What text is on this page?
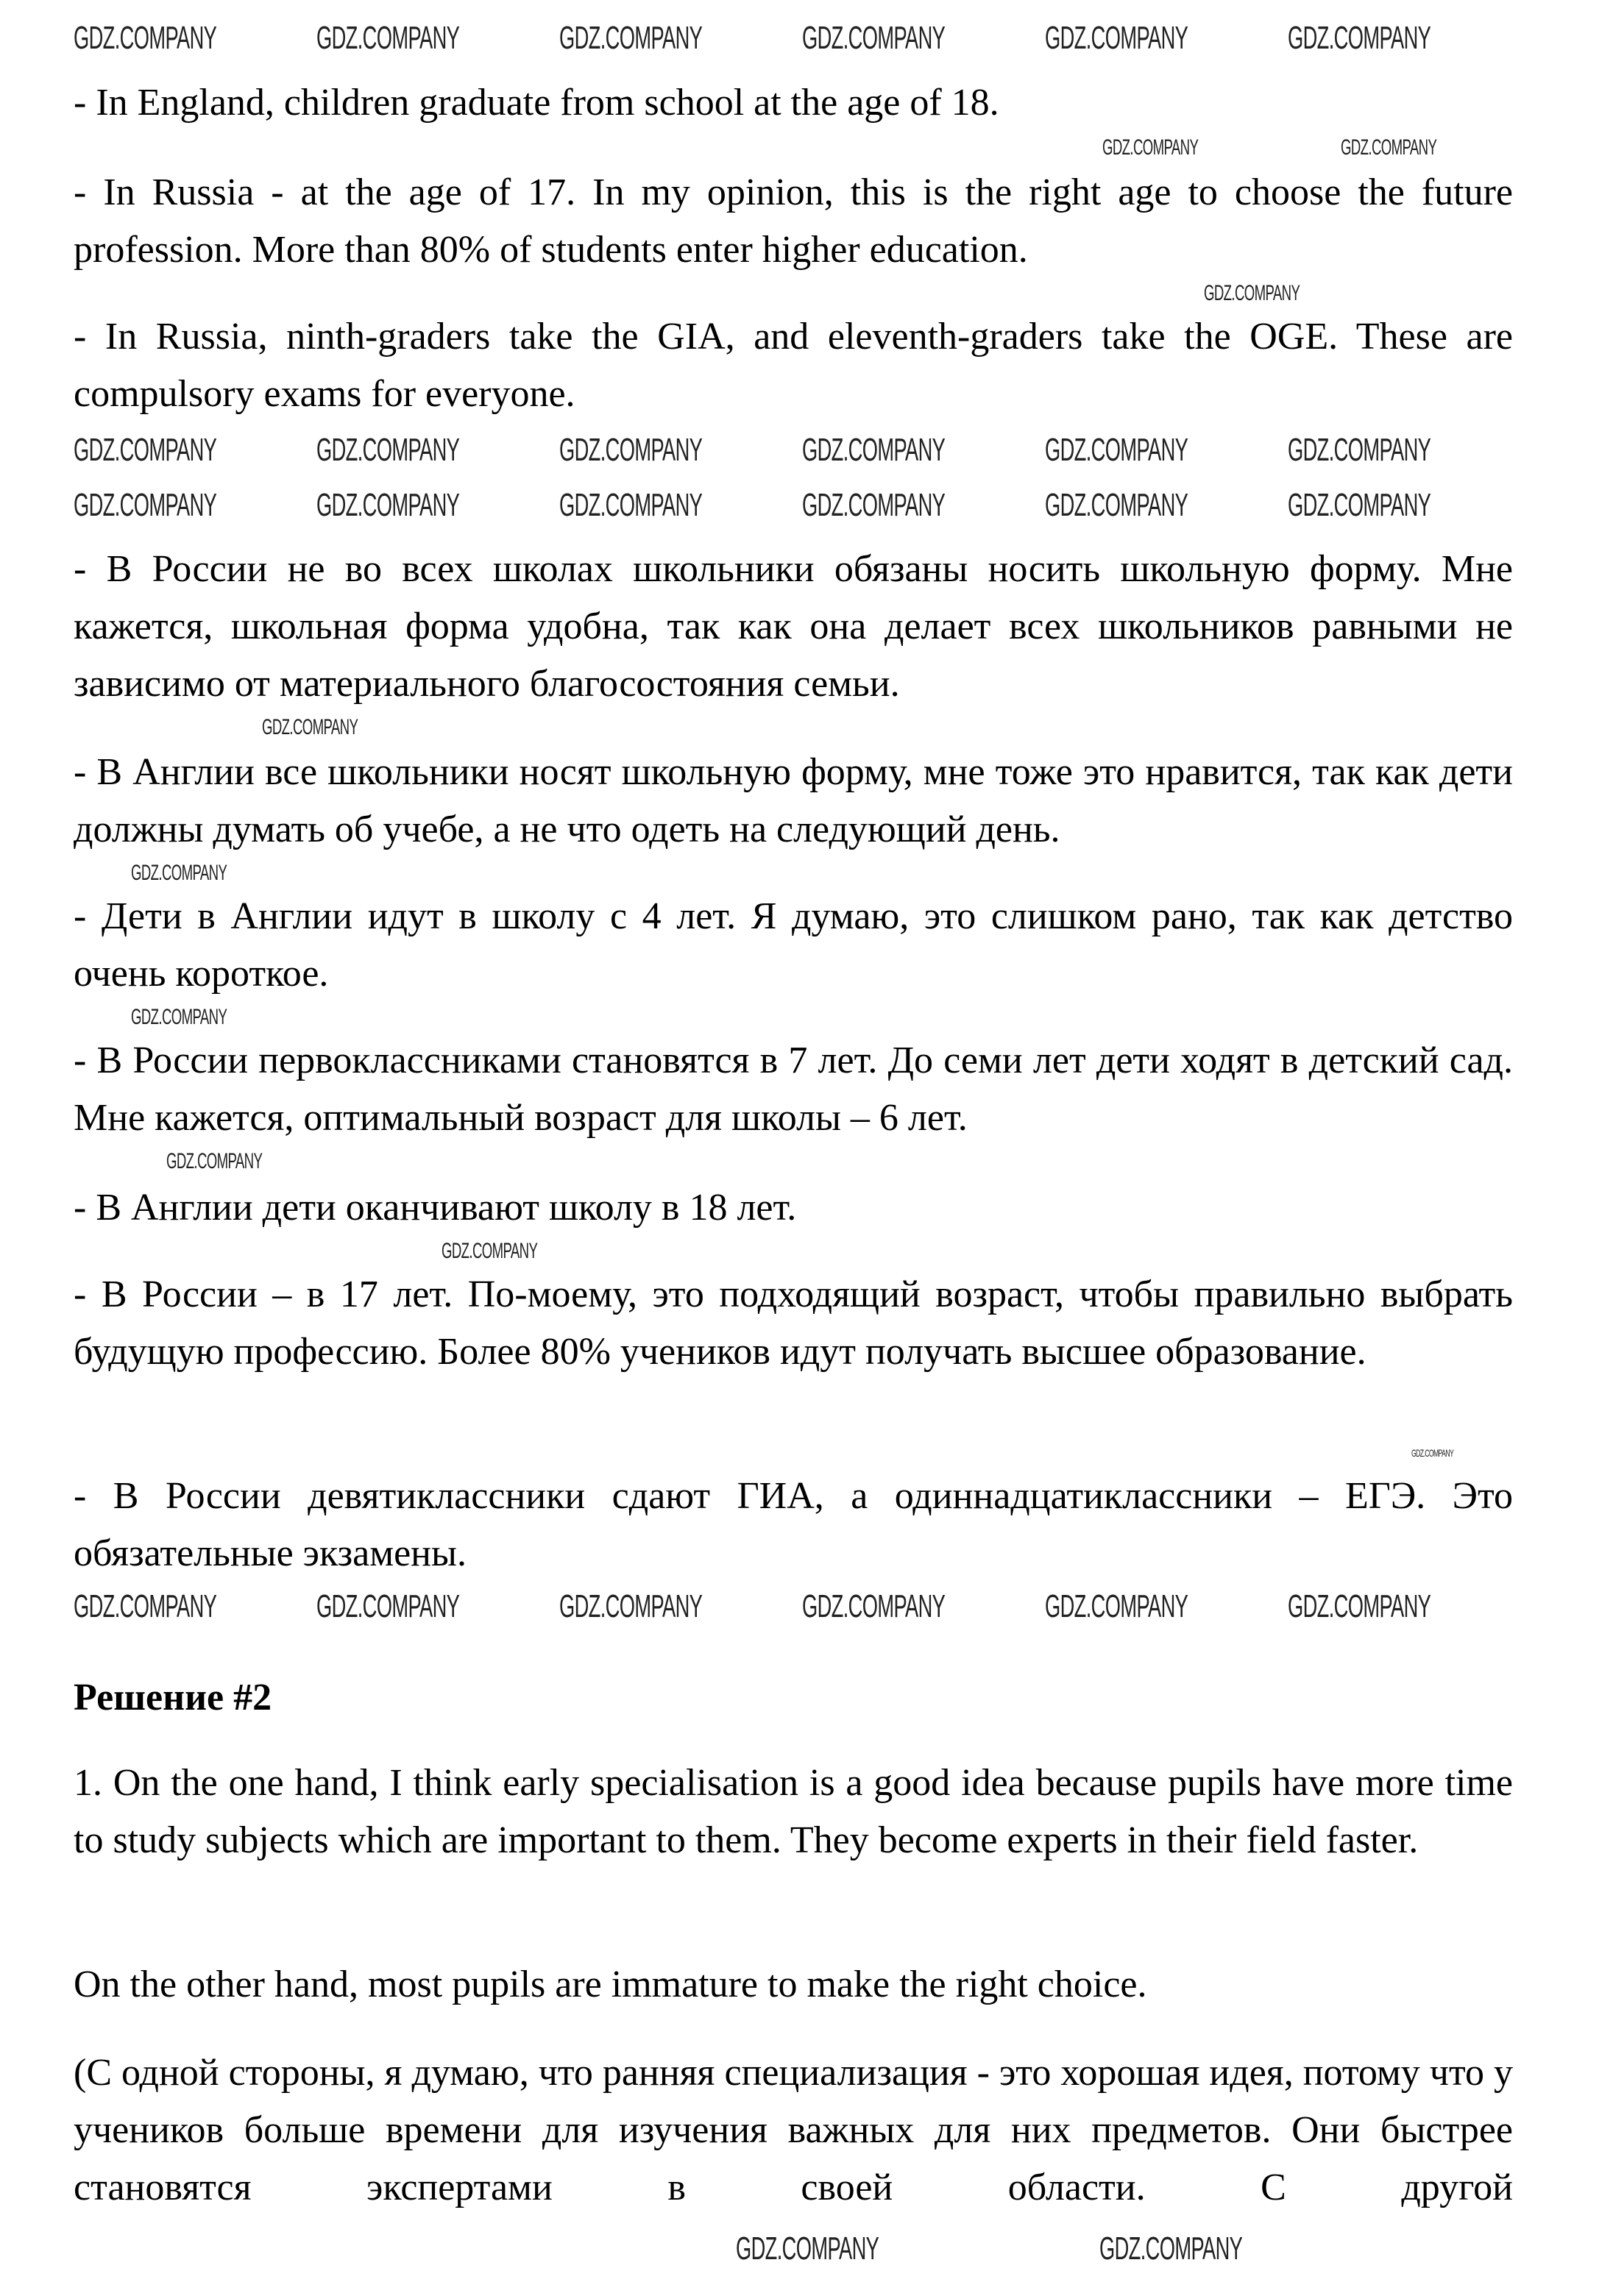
- In England, children graduate from school at the age of 18.

- In Russia - at the age of 17. In my opinion, this is the right age to choose the future profession. More than 80% of students enter higher education.

- In Russia, ninth-graders take the GIA, and eleventh-graders take the OGE. These are compulsory exams for everyone.

- В России не во всех школах школьники обязаны носить школьную форму. Мне кажется, школьная форма удобна, так как она делает всех школьников равными не зависимо от материального благосостояния семьи.

- В Англии все школьники носят школьную форму, мне тоже это нравится, так как дети должны думать об учебе, а не что одеть на следующий день.

- Дети в Англии идут в школу с 4 лет. Я думаю, это слишком рано, так как детство очень короткое.

- В России первоклассниками становятся в 7 лет. До семи лет дети ходят в детский сад. Мне кажется, оптимальный возраст для школы – 6 лет.

- В Англии дети оканчивают школу в 18 лет.

- В России – в 17 лет. По-моему, это подходящий возраст, чтобы правильно выбрать будущую профессию. Более 80% учеников идут получать высшее образование.

- В России девятиклассники сдают ГИА, а одиннадцатиклассники – ЕГЭ. Это обязательные экзамены.

Решение #2

1. On the one hand, I think early specialisation is a good idea because pupils have more time to study subjects which are important to them. They become experts in their field faster.

On the other hand, most pupils are immature to make the right choice.

(С одной стороны, я думаю, что ранняя специализация - это хорошая идея, потому что у учеников больше времени для изучения важных для них предметов. Они быстрее становятся экспертами в своей области. С другой

GDZ.COMPANY	GDZ.COMPANY	GDZ.COMPANY	GDZ.COMPANY	GDZ.COMPANY	GDZ.COMPANY
GDZ.COMPANY	GDZ.COMPANY	GDZ.COMPANY	GDZ.COMPANY	GDZ.COMPANY	GDZ.COMPANY
GDZ.COMPANY	GDZ.COMPANY	GDZ.COMPANY	GDZ.COMPANY	GDZ.COMPANY	GDZ.COMPANY
GDZ.COMPANY	GDZ.COMPANY	GDZ.COMPANY	GDZ.COMPANY	GDZ.COMPANY	GDZ.COMPANY
GDZ.COMPANY	GDZ.COMPANY
GDZ.COMPANY	GDZ.COMPANY
GDZ.COMPANY
GDZ.COMPANY
GDZ.COMPANY
GDZ.COMPANY
GDZ.COMPANY
GDZ.COMPANY
GDZ.COMPANY
